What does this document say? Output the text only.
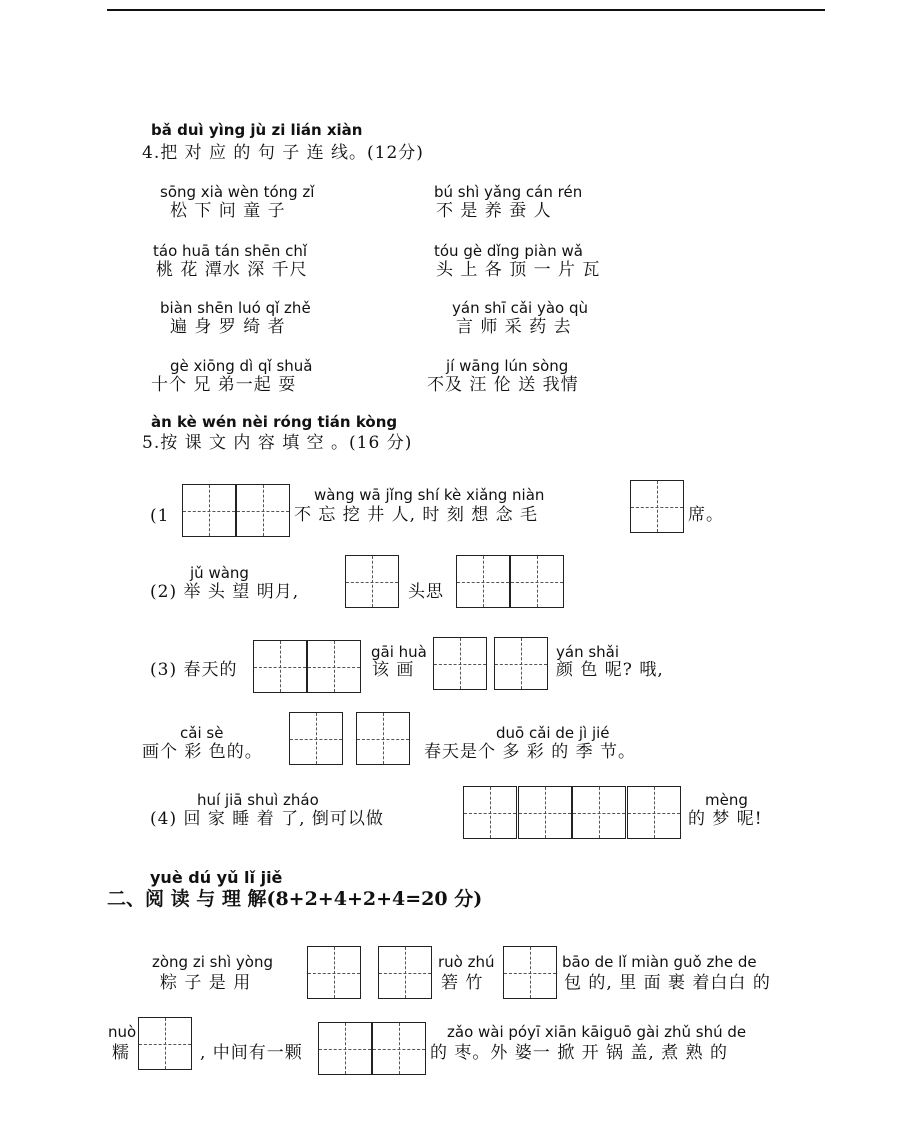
bǎ duì yìng jù zi lián xiàn
4.把 对 应 的 句 子 连 线。(12分)
sōng xià wèn tóng zǐ
松 下 问 童 子
bú shì yǎng cán rén
不 是 养 蚕 人
táo huā tán shēn chǐ
桃 花 潭水 深 千尺
tóu gè dǐng piàn wǎ
头 上 各 顶 一 片 瓦
biàn shēn luó qǐ zhě
遍 身 罗 绮 者
yán shī cǎi yào qù
言 师 采 药 去
gè xiōng dì qǐ shuǎ
十个 兄 弟一起 耍
jí wāng lún sòng
不及 汪 伦 送 我情
àn kè wén nèi róng tián kòng
5.按 课 文 内 容 填 空 。(16 分)
(1
wàng wā jǐng shí kè xiǎng niàn
不 忘 挖 井 人, 时 刻 想 念 毛	席。
jǔ wàng
(2) 举 头 望 明月,	头思
(3) 春天的
gāi huà
该 画
yán shǎi
颜 色 呢? 哦,
cǎi sè
画个 彩 色的。
duō cǎi de jì jié
春天是个 多 彩 的 季 节。
huí jiā shuì zháo
(4) 回 家 睡 着 了, 倒可以做
mèng
的 梦 呢!
yuè dú yǔ lǐ jiě
二、阅 读 与 理 解(8+2+4+2+4=20 分)
zòng zi shì yòng
粽 子 是 用
ruò zhú
箬 竹
bāo de lǐ miàn guǒ zhe de
包 的, 里 面 裹 着白白 的
nuò
糯	, 中间有一颗
zǎo wài póyī xiān kāiguō gài zhǔ shú de
的 枣。外 婆一 掀 开 锅 盖, 煮 熟 的
